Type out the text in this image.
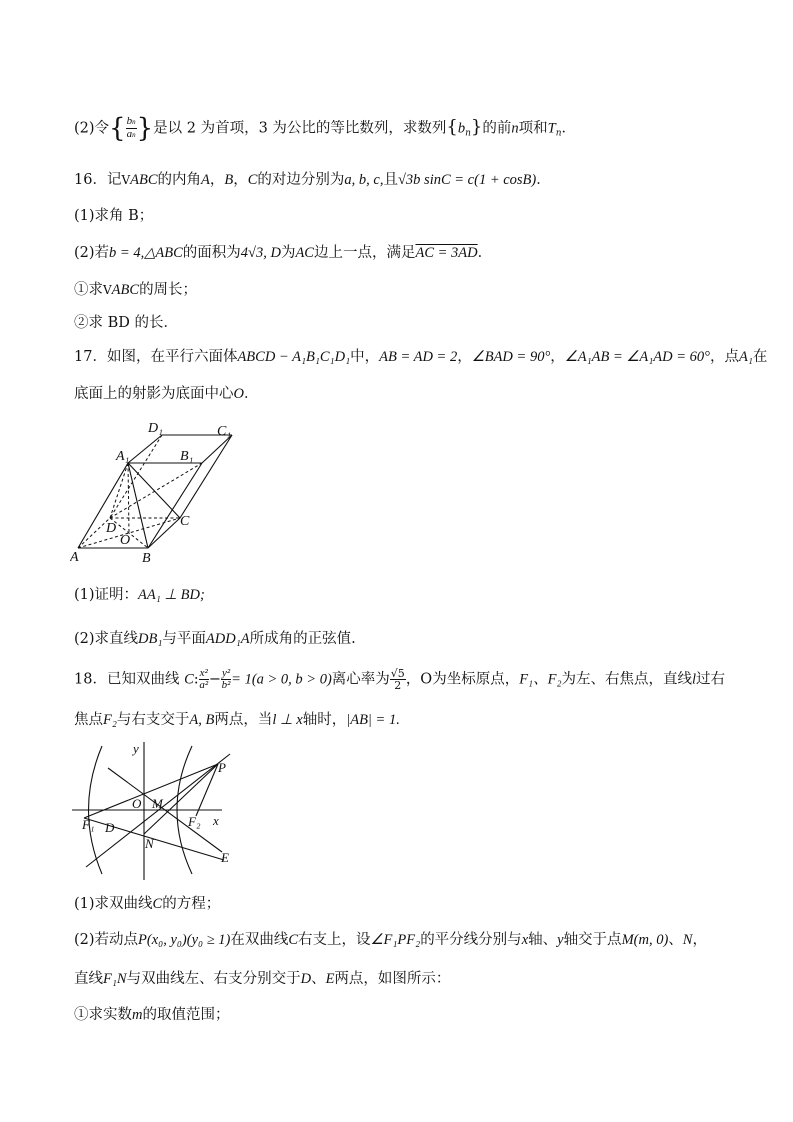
(2)令{ $\frac{bn}{an}$ }是以 2 为首项，3 为公比的等比数列，求数列$\{b_n\}$的前n项和$T_n$．
16．记VABC的内角A，B，C的对边分别为a, b, c,且√3b sinC = c(1 + cosB)．
(1)求角 B；
(2)若b = 4,△ABC的面积为4√3, D为AC边上一点，满足AC = 3AD．
①求VABC的周长；
②求 BD 的长．
17．如图，在平行六面体ABCD − A₁B₁C₁D₁中，AB = AD = 2，∠BAD = 90°，∠A₁AB = ∠A₁AD = 60°，点A₁在
底面上的射影为底面中心O．
A	B
C
D
O
A₁	B₁
C₁
D₁
(1)证明：AA₁ ⊥ BD;
(2)求直线DB₁与平面ADD₁A所成角的正弦值.
18．已知双曲线 C: $\frac{\text{x²}}{\text{a²}} - \frac{\text{y²}}{\text{b²}} = 1(a > 0$, b > 0)离心率为 $\frac{√5}{2}$ ，O为坐标原点，F₁、F₂为左、右焦点，直线l过右
焦点F₂与右支交于A, B两点，当l ⊥ x轴时，|AB| = 1.
y
x
O M
P
F₁	F₂
D
N
E
(1)求双曲线C的方程；
(2)若动点P(x₀, y₀)(y₀ ≥ 1)在双曲线C右支上，设∠F₁PF₂的平分线分别与x轴、y轴交于点M(m, 0)、N，
直线F₁N与双曲线左、右支分别交于D、E两点，如图所示：
①求实数m的取值范围；
